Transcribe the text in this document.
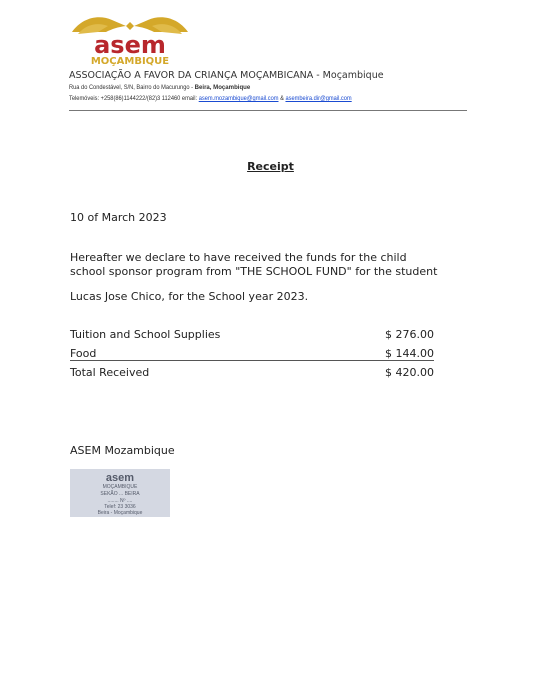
asem
MOÇAMBIQUE
ASSOCIAÇÃO A FAVOR DA CRIANÇA MOÇAMBICANA - Moçambique
Rua do Condestável, S/N, Bairro do Macurungo - Beira, Moçambique
Telemóveis: +258(86)1144222/(82)3 112460 email: asem.mozambique@gmail.com & asembeira.dir@gmail.com
Receipt
10 of March 2023
Hereafter we declare to have received the funds for the child school sponsor program from "THE SCHOOL FUND" for the student
Lucas Jose Chico, for the School year 2023.
Tuition and School Supplies	$ 276.00
Food	$ 144.00
Total Received	$ 420.00
ASEM Mozambique
asem
MOÇAMBIQUE
SEKÃO ... BEIRA
........ Nº ....
Telef: 23 3036
Beira - Moçambique
